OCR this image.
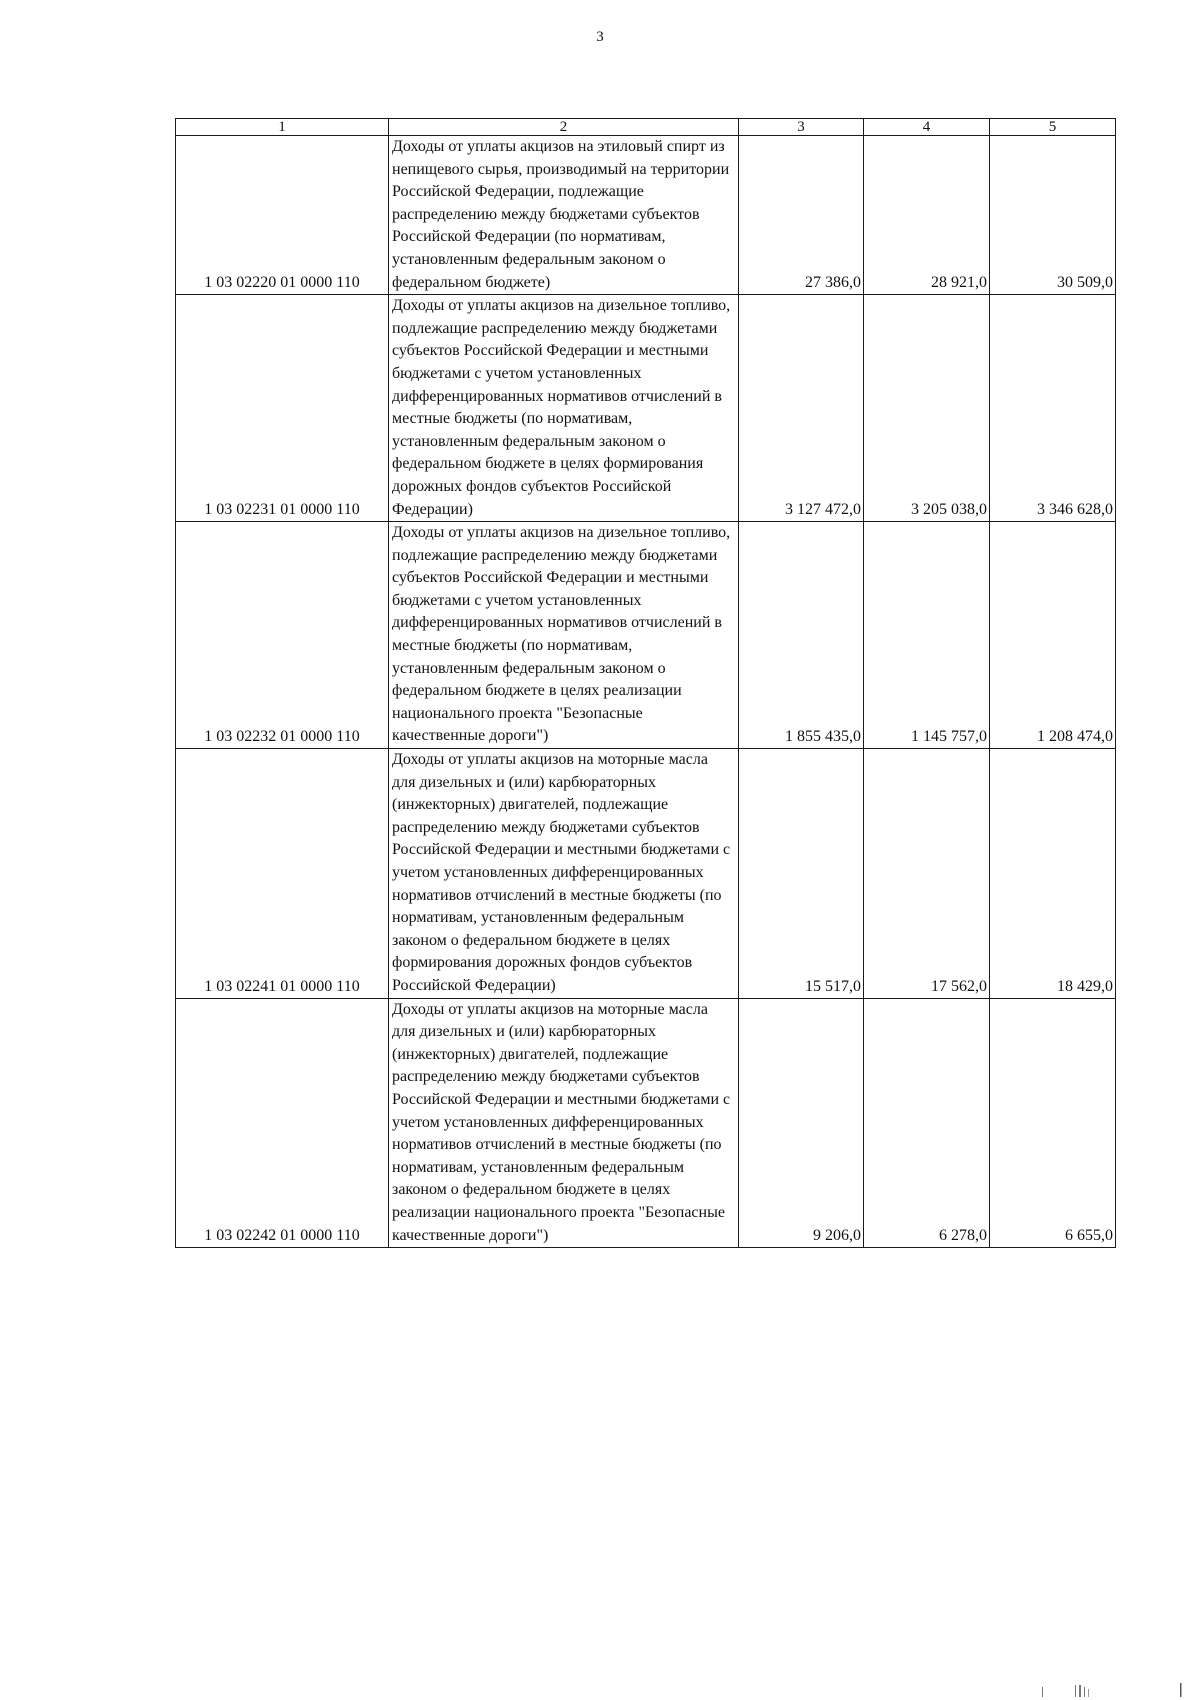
3
1	2	3	4	5
1 03 02220 01 0000 110	Доходы от уплаты акцизов на этиловый спирт из непищевого сырья, производимый на территории Российской Федерации, подлежащие распределению между бюджетами субъектов Российской Федерации (по нормативам, установленным федеральным законом о федеральном бюджете)	27 386,0	28 921,0	30 509,0
1 03 02231 01 0000 110	Доходы от уплаты акцизов на дизельное топливо, подлежащие распределению между бюджетами субъектов Российской Федерации и местными бюджетами с учетом установленных дифференцированных нормативов отчислений в местные бюджеты (по нормативам, установленным федеральным законом о федеральном бюджете в целях формирования дорожных фондов субъектов Российской Федерации)	3 127 472,0	3 205 038,0	3 346 628,0
1 03 02232 01 0000 110	Доходы от уплаты акцизов на дизельное топливо, подлежащие распределению между бюджетами субъектов Российской Федерации и местными бюджетами с учетом установленных дифференцированных нормативов отчислений в местные бюджеты (по нормативам, установленным федеральным законом о федеральном бюджете в целях реализации национального проекта "Безопасные качественные дороги")	1 855 435,0	1 145 757,0	1 208 474,0
1 03 02241 01 0000 110	Доходы от уплаты акцизов на моторные масла для дизельных и (или) карбюраторных (инжекторных) двигателей, подлежащие распределению между бюджетами субъектов Российской Федерации и местными бюджетами с учетом установленных дифференцированных нормативов отчислений в местные бюджеты (по нормативам, установленным федеральным законом о федеральном бюджете в целях формирования дорожных фондов субъектов Российской Федерации)	15 517,0	17 562,0	18 429,0
1 03 02242 01 0000 110	Доходы от уплаты акцизов на моторные масла для дизельных и (или) карбюраторных (инжекторных) двигателей, подлежащие распределению между бюджетами субъектов Российской Федерации и местными бюджетами с учетом установленных дифференцированных нормативов отчислений в местные бюджеты (по нормативам, установленным федеральным законом о федеральном бюджете в целях реализации национального проекта "Безопасные качественные дороги")	9 206,0	6 278,0	6 655,0
